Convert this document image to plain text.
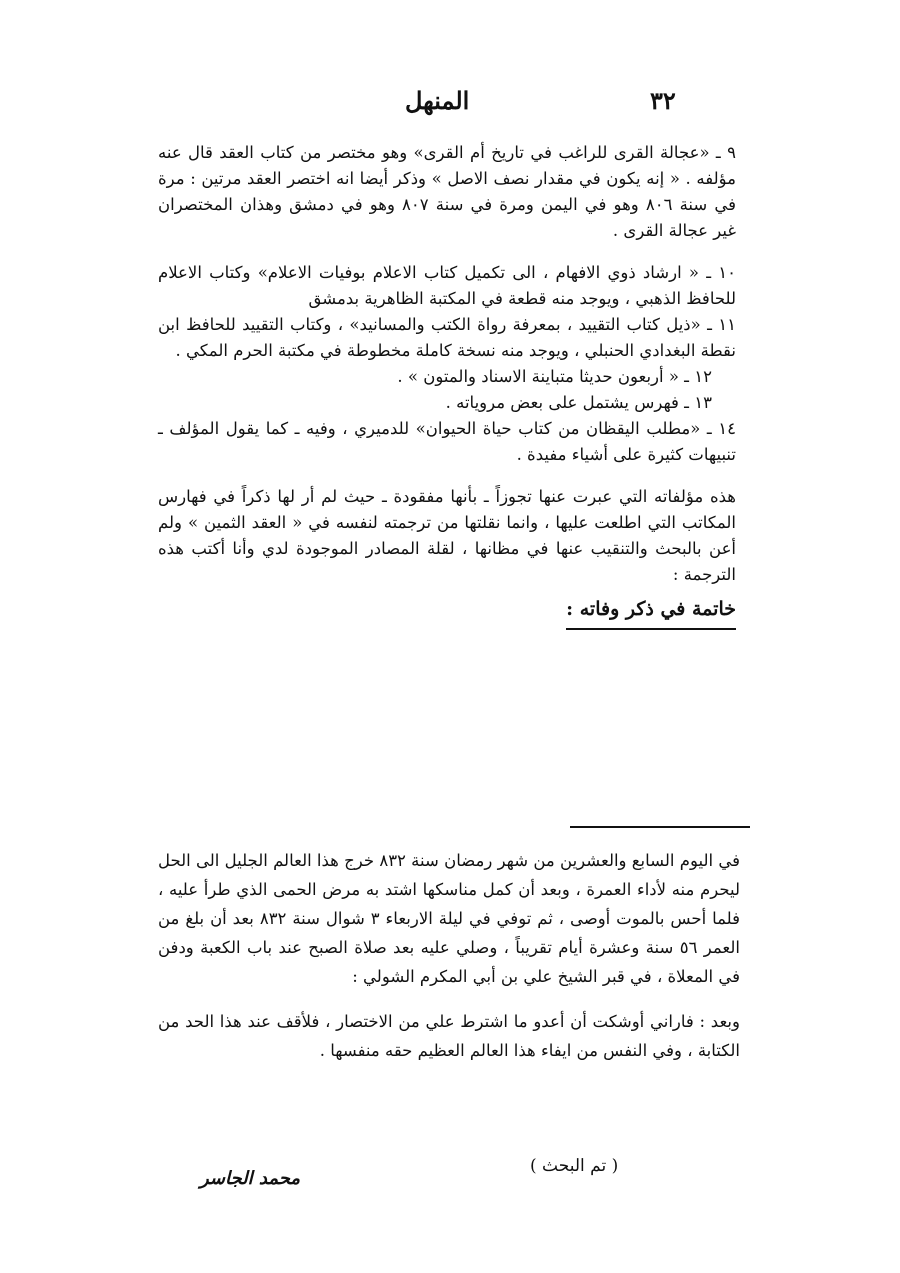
٣٢
المنهل

٩ ـ «عجالة القرى للراغب في تاريخ أم القرى» وهو مختصر من كتاب العقد قال عنه مؤلفه . « إنه يكون في مقدار نصف الاصل » وذكر أيضا انه اختصر العقد مرتين : مرة في سنة ٨٠٦ وهو في اليمن ومرة في سنة ٨٠٧ وهو في دمشق وهذان المختصران غير عجالة القرى .

١٠ ـ « ارشاد ذوي الافهام ، الى تكميل كتاب الاعلام بوفيات الاعلام» وكتاب الاعلام للحافظ الذهبي ، ويوجد منه قطعة في المكتبة الظاهرية بدمشق

١١ ـ «ذيل كتاب التقييد ، بمعرفة رواة الكتب والمسانيد» ، وكتاب التقييد للحافظ ابن نقطة البغدادي الحنبلي ، ويوجد منه نسخة كاملة مخطوطة في مكتبة الحرم المكي .

١٢ ـ « أربعون حديثا متباينة الاسناد والمتون » .

١٣ ـ فهرس يشتمل على بعض مروياته .

١٤ ـ «مطلب اليقظان من كتاب حياة الحيوان» للدميري ، وفيه ـ كما يقول المؤلف ـ تنبيهات كثيرة على أشياء مفيدة .

هذه مؤلفاته التي عبرت عنها تجوزاً ـ بأنها مفقودة ـ حيث لم أر لها ذكراً في فهارس المكاتب التي اطلعت عليها ، وانما نقلتها من ترجمته لنفسه في « العقد الثمين » ولم أعن بالبحث والتنقيب عنها في مظانها ، لقلة المصادر الموجودة لدي وأنا أكتب هذه الترجمة :

خاتمة في ذكر وفاته :

في اليوم السابع والعشرين من شهر رمضان سنة ٨٣٢ خرج هذا العالم الجليل الى الحل ليحرم منه لأداء العمرة ، وبعد أن كمل مناسكها اشتد به مرض الحمى الذي طرأ عليه ، فلما أحس بالموت أوصى ، ثم توفي في ليلة الاربعاء ٣ شوال سنة ٨٣٢ بعد أن بلغ من العمر ٥٦ سنة وعشرة أيام تقريباً ، وصلي عليه بعد صلاة الصبح عند باب الكعبة ودفن في المعلاة ، في قبر الشيخ علي بن أبي المكرم الشولي :

وبعد : فاراني أوشكت أن أعدو ما اشترط علي من الاختصار ، فلأقف عند هذا الحد من الكتابة ، وفي النفس من ايفاء هذا العالم العظيم حقه منفسها .

( تم البحث )
محمد الجاسر
